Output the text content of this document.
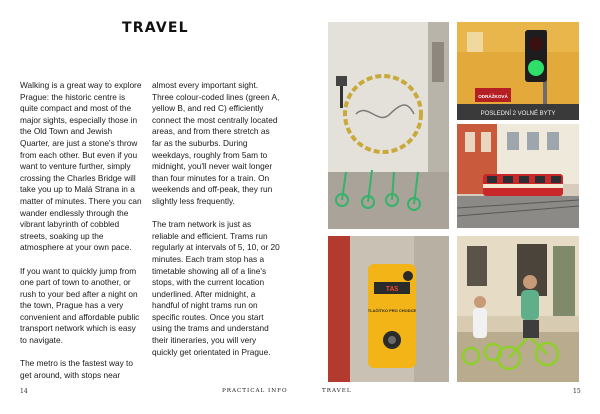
TRAVEL

Walking is a great way to explore Prague: the historic centre is quite compact and most of the major sights, especially those in the Old Town and Jewish Quarter, are just a stone's throw from each other. But even if you want to venture further, simply crossing the Charles Bridge will take you up to Malá Strana in a matter of minutes. There you can wander endlessly through the vibrant labyrinth of cobbled streets, soaking up the atmosphere at your own pace.

If you want to quickly jump from one part of town to another, or rush to your bed after a night on the town, Prague has a very convenient and affordable public transport network which is easy to navigate.

The metro is the fastest way to get around, with stops near

almost every important sight. Three colour-coded lines (green A, yellow B, and red C) efficiently connect the most centrally located areas, and from there stretch as far as the suburbs. During weekdays, roughly from 5am to midnight, you'll never wait longer than four minutes for a train. On weekends and off-peak, they run slightly less frequently.

The tram network is just as reliable and efficient. Trams run regularly at intervals of 5, 10, or 20 minutes. Each tram stop has a timetable showing all of a line's stops, with the current location underlined. After midnight, a handful of night trams run on specific routes. Once you start using the trams and understand their itineraries, you will very quickly get orientated in Prague.

14	PRACTICAL INFO
ODRÁŽKOVÁ
POSLEDNÍ 2 VOLNÉ BYTY
TAS
TLAČÍTKO PRO CHODCE
TRAVEL	15
